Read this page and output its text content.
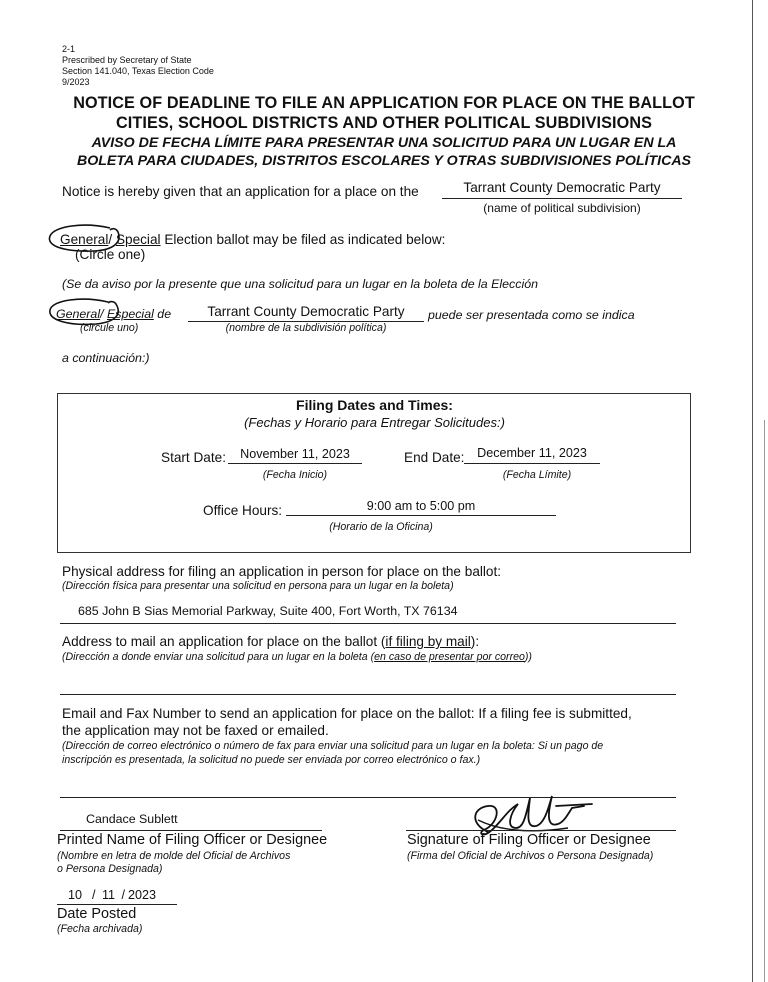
2-1
Prescribed by Secretary of State
Section 141.040, Texas Election Code
9/2023
NOTICE OF DEADLINE TO FILE AN APPLICATION FOR PLACE ON THE BALLOT
CITIES, SCHOOL DISTRICTS AND OTHER POLITICAL SUBDIVISIONS
AVISO DE FECHA LÍMITE PARA PRESENTAR UNA SOLICITUD PARA UN LUGAR EN LA
BOLETA PARA CIUDADES, DISTRITOS ESCOLARES Y OTRAS SUBDIVISIONES POLÍTICAS
Notice is hereby given that an application for a place on the	Tarrant County Democratic Party
(name of political subdivision)
General/ Special Election ballot may be filed as indicated below:
(Circle one)
(Se da aviso por la presente que una solicitud para un lugar en la boleta de la Elección
General/ Especial de	Tarrant County Democratic Party	puede ser presentada como se indica
(circule uno)	(nombre de la subdivisión política)
a continuación:)
Filing Dates and Times:
(Fechas y Horario para Entregar Solicitudes:)
Start Date:	November 11, 2023
(Fecha Inicio)
End Date:	December 11, 2023
(Fecha Límite)
Office Hours:	9:00 am to 5:00 pm
(Horario de la Oficina)
Physical address for filing an application in person for place on the ballot:
(Dirección física para presentar una solicitud en persona para un lugar en la boleta)
685 John B Sias Memorial Parkway, Suite 400, Fort Worth, TX 76134
Address to mail an application for place on the ballot (if filing by mail):
(Dirección a donde enviar una solicitud para un lugar en la boleta (en caso de presentar por correo))
Email and Fax Number to send an application for place on the ballot: If a filing fee is submitted,
the application may not be faxed or emailed.
(Dirección de correo electrónico o número de fax para enviar una solicitud para un lugar en la boleta: Si un pago de
inscripción es presentada, la solicitud no puede ser enviada por correo electrónico o fax.)
Candace Sublett
Printed Name of Filing Officer or Designee
(Nombre en letra de molde del Oficial de Archivos
o Persona Designada)
Signature of Filing Officer or Designee
(Firma del Oficial de Archivos o Persona Designada)
10 / 11 / 2023
Date Posted
(Fecha archivada)
